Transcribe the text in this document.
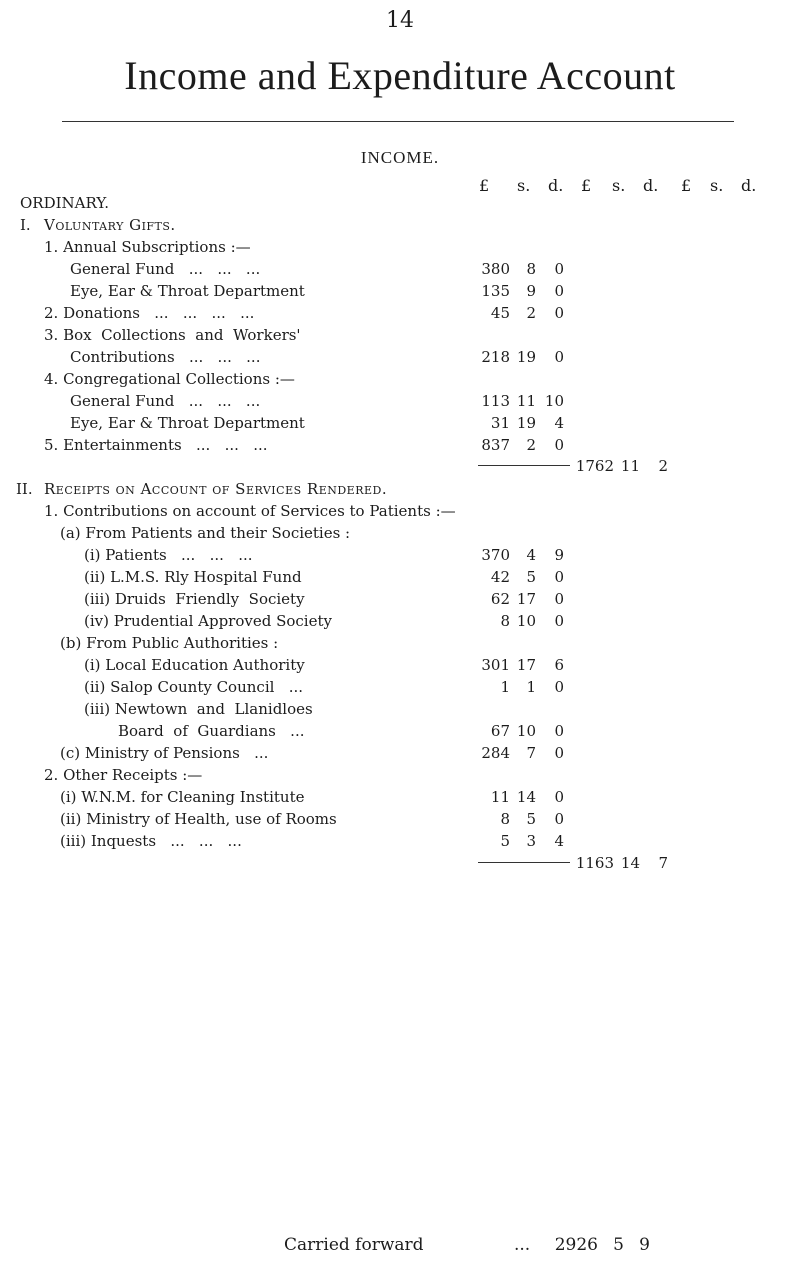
14
Income and Expenditure Account
INCOME.
£ s. d. £ s. d. £ s. d.
ORDINARY.
I. Voluntary Gifts.
1. Annual Subscriptions :—
General Fund   ...   ...   ...	380	8	0
Eye, Ear & Throat Department	135	9	0
2. Donations   ...   ...   ...   ...	45	2	0
3. Box  Collections  and  Workers'
Contributions   ...   ...   ...	218 19	0
4. Congregational Collections :—
General Fund   ...   ...   ...	113 11 10
Eye, Ear & Throat Department	31 19	4
5. Entertainments   ...   ...   ...	837	2	0
1762 11	2
II. Receipts on Account of Services Rendered.
1. Contributions on account of Services to Patients :—
(a) From Patients and their Societies :
(i) Patients   ...   ...   ...	370	4	9
(ii) L.M.S. Rly Hospital Fund	42	5	0
(iii) Druids  Friendly  Society	62 17	0
(iv) Prudential Approved Society	8 10	0
(b) From Public Authorities :
(i) Local Education Authority	301 17	6
(ii) Salop County Council   ...	1	1	0
(iii) Newtown  and  Llanidloes
Board  of  Guardians   ...	67 10	0
(c) Ministry of Pensions   ...	284	7	0
2. Other Receipts :—
(i) W.N.M. for Cleaning Institute	11 14	0
(ii) Ministry of Health, use of Rooms	8	5	0
(iii) Inquests   ...   ...   ...	5	3	4
1163 14	7
Carried forward	... 2926 5 9
